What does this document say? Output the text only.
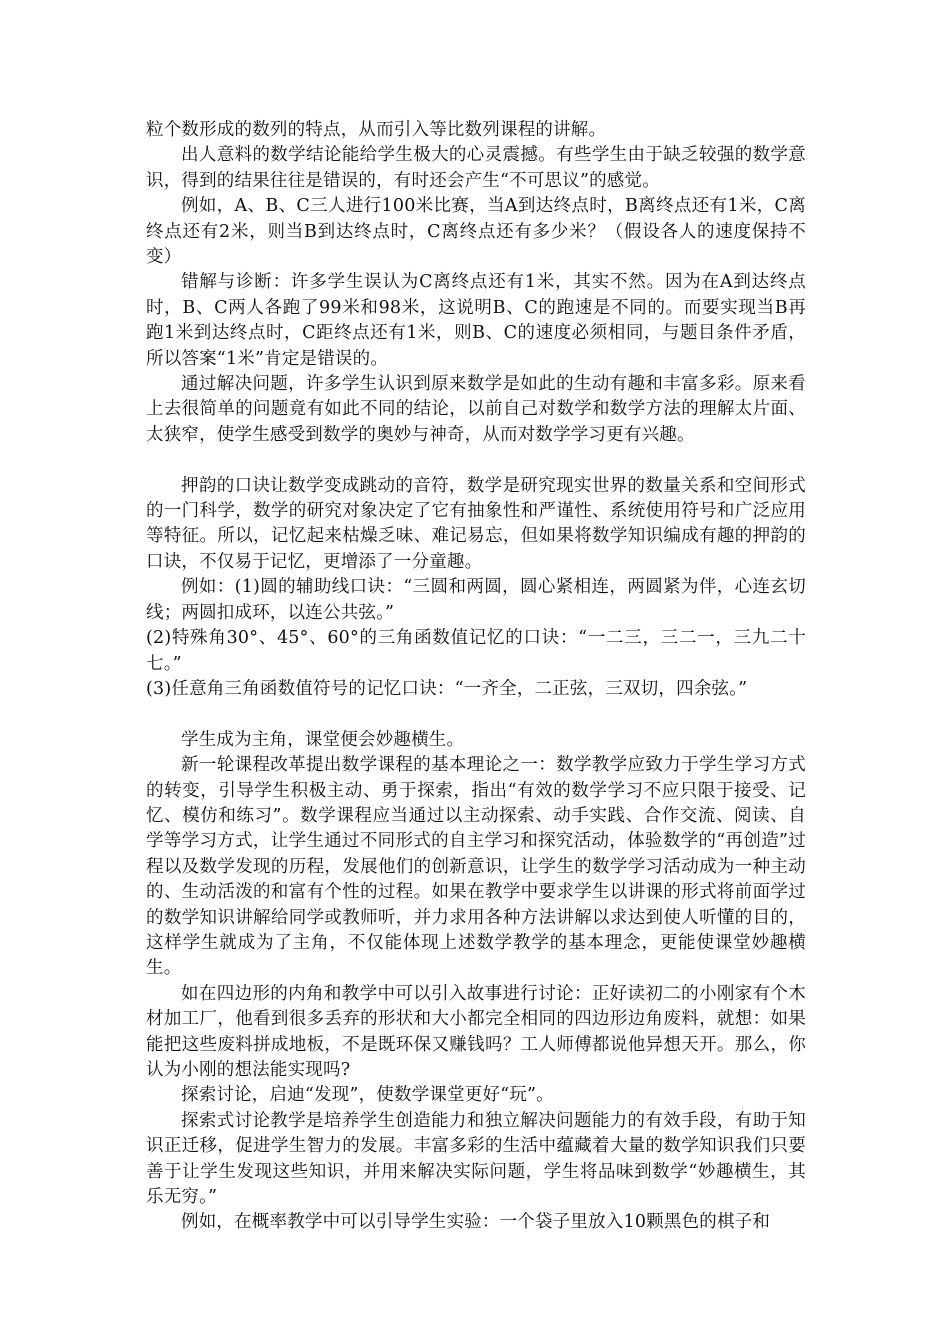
粒个数形成的数列的特点，从而引入等比数列课程的讲解。

出人意料的数学结论能给学生极大的心灵震撼。有些学生由于缺乏较强的数学意识，得到的结果往往是错误的，有时还会产生“不可思议”的感觉。

例如，A、B、C三人进行100米比赛，当A到达终点时，B离终点还有1米，C离终点还有2米，则当B到达终点时，C离终点还有多少米？（假设各人的速度保持不变）

错解与诊断：许多学生误认为C离终点还有1米，其实不然。因为在A到达终点时，B、C两人各跑了99米和98米，这说明B、C的跑速是不同的。而要实现当B再跑1米到达终点时，C距终点还有1米，则B、C的速度必须相同，与题目条件矛盾，所以答案“1米”肯定是错误的。

通过解决问题，许多学生认识到原来数学是如此的生动有趣和丰富多彩。原来看上去很简单的问题竟有如此不同的结论，以前自己对数学和数学方法的理解太片面、太狭窄，使学生感受到数学的奥妙与神奇，从而对数学学习更有兴趣。

押韵的口诀让数学变成跳动的音符，数学是研究现实世界的数量关系和空间形式的一门科学，数学的研究对象决定了它有抽象性和严谨性、系统使用符号和广泛应用等特征。所以，记忆起来枯燥乏味、难记易忘，但如果将数学知识编成有趣的押韵的口诀，不仅易于记忆，更增添了一分童趣。

例如：(1)圆的辅助线口诀：“三圆和两圆，圆心紧相连，两圆紧为伴，心连玄切线；两圆扣成环，以连公共弦。”

(2)特殊角30°、45°、60°的三角函数值记忆的口诀：“一二三，三二一，三九二十七。”

(3)任意角三角函数值符号的记忆口诀：“一齐全，二正弦，三双切，四余弦。”

学生成为主角，课堂便会妙趣横生。

新一轮课程改革提出数学课程的基本理论之一：数学教学应致力于学生学习方式的转变，引导学生积极主动、勇于探索，指出“有效的数学学习不应只限于接受、记忆、模仿和练习”。数学课程应当通过以主动探索、动手实践、合作交流、阅读、自学等学习方式，让学生通过不同形式的自主学习和探究活动，体验数学的“再创造”过程以及数学发现的历程，发展他们的创新意识，让学生的数学学习活动成为一种主动的、生动活泼的和富有个性的过程。如果在教学中要求学生以讲课的形式将前面学过的数学知识讲解给同学或教师听，并力求用各种方法讲解以求达到使人听懂的目的，这样学生就成为了主角，不仅能体现上述数学教学的基本理念，更能使课堂妙趣横生。

如在四边形的内角和教学中可以引入故事进行讨论：正好读初二的小刚家有个木材加工厂，他看到很多丢弃的形状和大小都完全相同的四边形边角废料，就想：如果能把这些废料拼成地板，不是既环保又赚钱吗？工人师傅都说他异想天开。那么，你认为小刚的想法能实现吗?

探索讨论，启迪“发现”，使数学课堂更好“玩”。

探索式讨论教学是培养学生创造能力和独立解决问题能力的有效手段，有助于知识正迁移，促进学生智力的发展。丰富多彩的生活中蕴藏着大量的数学知识我们只要善于让学生发现这些知识，并用来解决实际问题，学生将品味到数学“妙趣横生，其乐无穷。”

例如，在概率教学中可以引导学生实验：一个袋子里放入10颗黑色的棋子和
